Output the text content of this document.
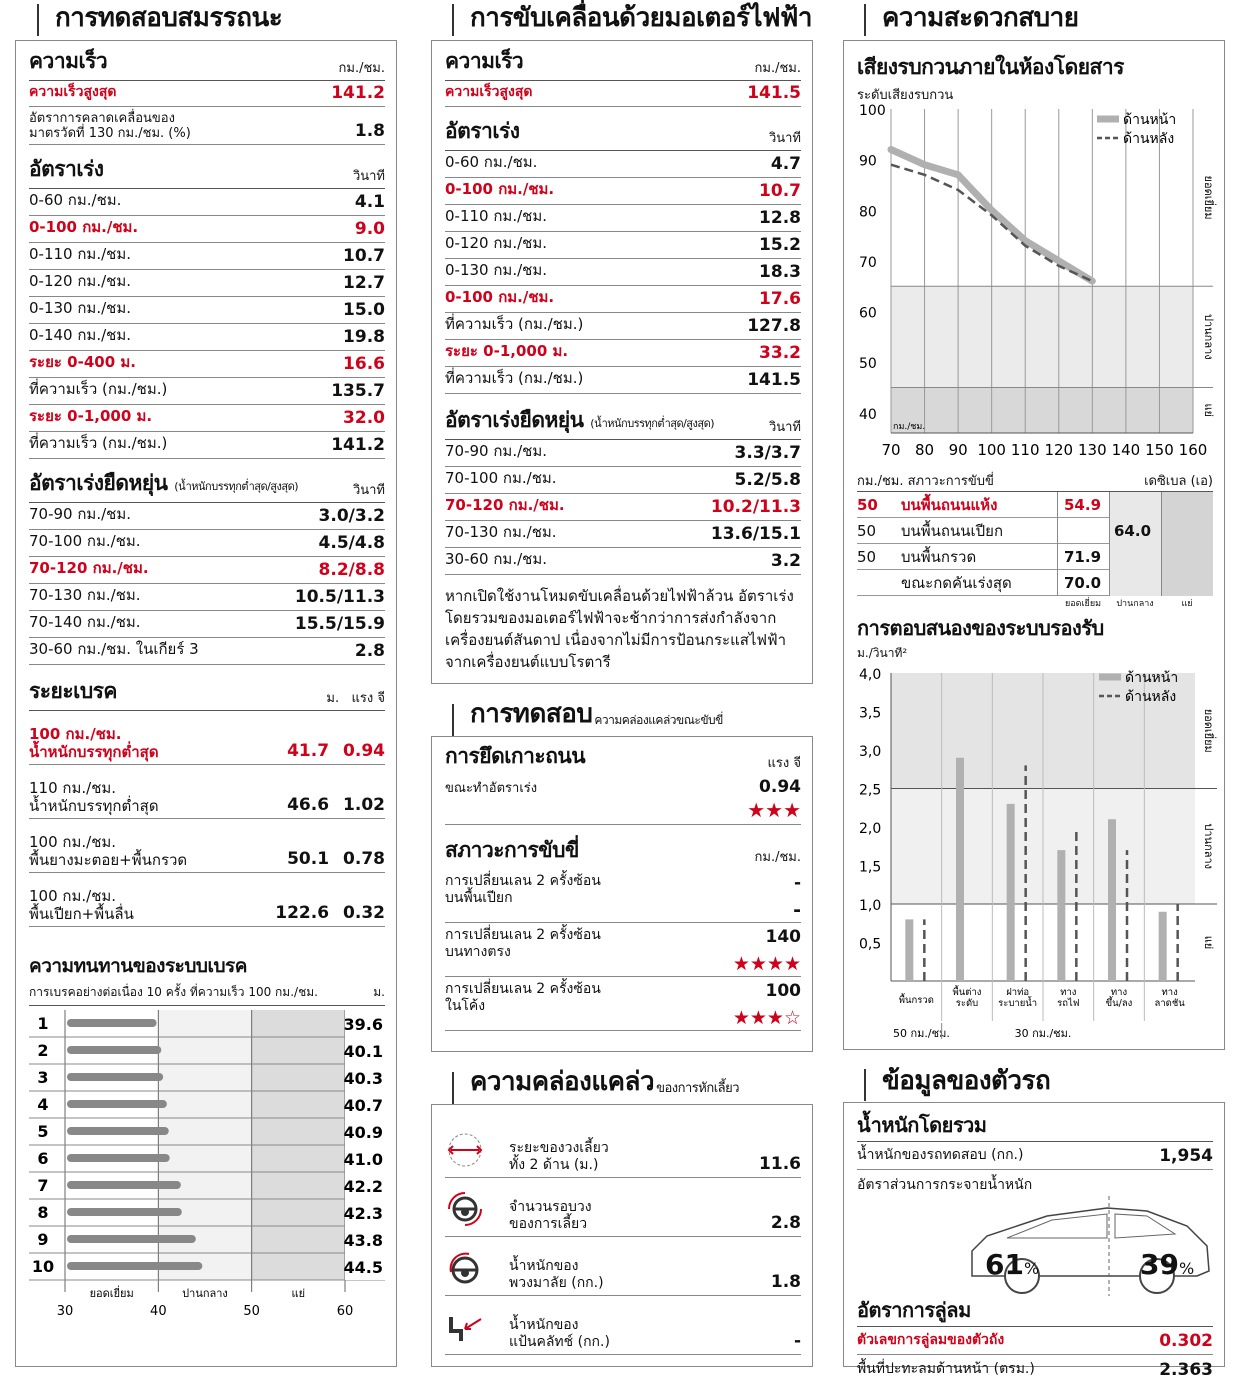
การทดสอบสมรรถนะ
ความเร็ว	กม./ชม.
ความเร็วสูงสุด	141.2
อัตราการคลาดเคลื่อนของ
มาตรวัดที่ 130 กม./ชม. (%)	1.8
อัตราเร่ง	วินาที
0-60 กม./ชม.	4.1
0-100 กม./ชม.	9.0
0-110 กม./ชม.	10.7
0-120 กม./ชม.	12.7
0-130 กม./ชม.	15.0
0-140 กม./ชม.	19.8
ระยะ 0-400 ม.	16.6
ที่ความเร็ว (กม./ชม.)	135.7
ระยะ 0-1,000 ม.	32.0
ที่ความเร็ว (กม./ชม.)	141.2
อัตราเร่งยืดหยุ่น (น้ำหนักบรรทุกต่ำสุด/สูงสุด)	วินาที
70-90 กม./ชม.	3.0/3.2
70-100 กม./ชม.	4.5/4.8
70-120 กม./ชม.	8.2/8.8
70-130 กม./ชม.	10.5/11.3
70-140 กม./ชม.	15.5/15.9
30-60 กม./ชม. ในเกียร์ 3	2.8
ระยะเบรค	ม. แรง จี
100 กม./ชม.
น้ำหนักบรรทุกต่ำสุด	41.7 0.94
110 กม./ชม.
น้ำหนักบรรทุกต่ำสุด	46.6 1.02
100 กม./ชม.
พื้นยางมะตอย+พื้นกรวด	50.1 0.78
100 กม./ชม.
พื้นเปียก+พื้นลื่น	122.6 0.32
ความทนทานของระบบเบรค
การเบรคอย่างต่อเนื่อง 10 ครั้ง ที่ความเร็ว 100 กม./ชม.	ม.
1	39.6
2	40.1
3	40.3
4	40.7
5	40.9
6	41.0
7	42.2
8	42.3
9	43.8
10	44.5
ยอดเยี่ยม	ปานกลาง	แย่
30	40	50	60
การขับเคลื่อนด้วยมอเตอร์ไฟฟ้า
ความเร็ว	กม./ชม.
ความเร็วสูงสุด	141.5
อัตราเร่ง	วินาที
0-60 กม./ชม.	4.7
0-100 กม./ชม.	10.7
0-110 กม./ชม.	12.8
0-120 กม./ชม.	15.2
0-130 กม./ชม.	18.3
0-100 กม./ชม.	17.6
ที่ความเร็ว (กม./ชม.)	127.8
ระยะ 0-1,000 ม.	33.2
ที่ความเร็ว (กม./ชม.)	141.5
อัตราเร่งยืดหยุ่น (น้ำหนักบรรทุกต่ำสุด/สูงสุด)	วินาที
70-90 กม./ชม.	3.3/3.7
70-100 กม./ชม.	5.2/5.8
70-120 กม./ชม.	10.2/11.3
70-130 กม./ชม.	13.6/15.1
30-60 กม./ชม.	3.2

หากเปิดใช้งานโหมดขับเคลื่อนด้วยไฟฟ้าล้วน อัตราเร่งโดยรวมของมอเตอร์ไฟฟ้าจะช้ากว่าการส่งกำลังจากเครื่องยนต์สันดาป เนื่องจากไม่มีการป้อนกระแสไฟฟ้าจากเครื่องยนต์แบบโรตารี

การทดสอบ ความคล่องแคล่วขณะขับขี่
การยึดเกาะถนน	แรง จี
ขณะทำอัตราเร่ง	0.94
★★★
สภาวะการขับขี่	กม./ชม.
การเปลี่ยนเลน 2 ครั้งซ้อน
บนพื้นเปียก
-
-
การเปลี่ยนเลน 2 ครั้งซ้อน
บนทางตรง
140
★★★★
การเปลี่ยนเลน 2 ครั้งซ้อน
ในโค้ง
100
★★★☆
ความคล่องแคล่ว ของการหักเลี้ยว
ระยะของวงเลี้ยว
ทั้ง 2 ด้าน (ม.)	11.6
จำนวนรอบวง
ของการเลี้ยว	2.8
น้ำหนักของ
พวงมาลัย (กก.)	1.8
น้ำหนักของ
แป้นคลัทช์ (กก.)	-
ความสะดวกสบาย
เสียงรบกวนภายในห้องโดยสาร
ระดับเสียงรบกวน
100
90
80
70
60
50
40
70 80 90 100 110 120 130 140 150 160
กม./ชม.
ด้านหน้า
ด้านหลัง
ยอดเยี่ยม
ปานกลาง
แย่
กม./ชม. สภาวะการขับขี่	เดซิเบล (เอ)
50	บนพื้นถนนแห้ง	54.9
50	บนพื้นถนนเปียก	64.0
50	บนพื้นกรวด	71.9
ขณะกดคันเร่งสุด	70.0
ยอดเยี่ยม	ปานกลาง	แย่
การตอบสนองของระบบรองรับ
ม./วินาที²
4,0
3,5
3,0
2,5
2,0
1,5
1,0
0,5
พื้นกรวด
พื้นต่าง
ระดับ
ฝาท่อ
ระบายน้ำ
ทาง
รถไฟ
ทาง
ขึ้น/ลง
ทาง
ลาดชัน
50 กม./ชม.	30 กม./ชม.
ด้านหน้า
ด้านหลัง
ยอดเยี่ยม
ปานกลาง
แย่
ข้อมูลของตัวรถ
น้ำหนักโดยรวม
น้ำหนักของรถทดสอบ (กก.)	1,954
อัตราส่วนการกระจายน้ำหนัก
61%	39%
อัตราการลู่ลม
ตัวเลขการลู่ลมของตัวถัง	0.302
พื้นที่ปะทะลมด้านหน้า (ตรม.)	2.363
